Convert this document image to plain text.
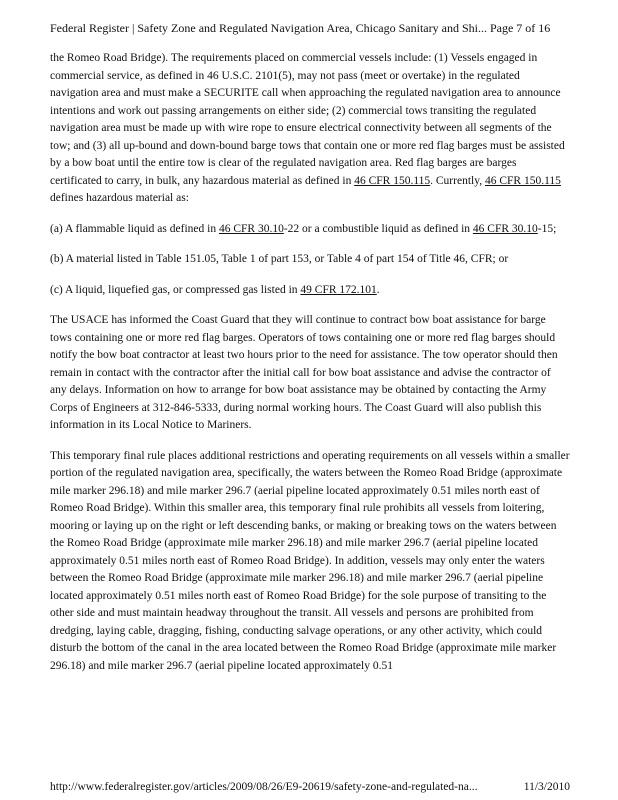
Federal Register | Safety Zone and Regulated Navigation Area, Chicago Sanitary and Shi... Page 7 of 16

the Romeo Road Bridge). The requirements placed on commercial vessels include: (1) Vessels engaged in commercial service, as defined in 46 U.S.C. 2101(5), may not pass (meet or overtake) in the regulated navigation area and must make a SECURITE call when approaching the regulated navigation area to announce intentions and work out passing arrangements on either side; (2) commercial tows transiting the regulated navigation area must be made up with wire rope to ensure electrical connectivity between all segments of the tow; and (3) all up-bound and down-bound barge tows that contain one or more red flag barges must be assisted by a bow boat until the entire tow is clear of the regulated navigation area. Red flag barges are barges certificated to carry, in bulk, any hazardous material as defined in 46 CFR 150.115. Currently, 46 CFR 150.115 defines hazardous material as:

(a) A flammable liquid as defined in 46 CFR 30.10-22 or a combustible liquid as defined in 46 CFR 30.10-15;

(b) A material listed in Table 151.05, Table 1 of part 153, or Table 4 of part 154 of Title 46, CFR; or

(c) A liquid, liquefied gas, or compressed gas listed in 49 CFR 172.101.

The USACE has informed the Coast Guard that they will continue to contract bow boat assistance for barge tows containing one or more red flag barges. Operators of tows containing one or more red flag barges should notify the bow boat contractor at least two hours prior to the need for assistance. The tow operator should then remain in contact with the contractor after the initial call for bow boat assistance and advise the contractor of any delays. Information on how to arrange for bow boat assistance may be obtained by contacting the Army Corps of Engineers at 312-846-5333, during normal working hours. The Coast Guard will also publish this information in its Local Notice to Mariners.

This temporary final rule places additional restrictions and operating requirements on all vessels within a smaller portion of the regulated navigation area, specifically, the waters between the Romeo Road Bridge (approximate mile marker 296.18) and mile marker 296.7 (aerial pipeline located approximately 0.51 miles north east of Romeo Road Bridge). Within this smaller area, this temporary final rule prohibits all vessels from loitering, mooring or laying up on the right or left descending banks, or making or breaking tows on the waters between the Romeo Road Bridge (approximate mile marker 296.18) and mile marker 296.7 (aerial pipeline located approximately 0.51 miles north east of Romeo Road Bridge). In addition, vessels may only enter the waters between the Romeo Road Bridge (approximate mile marker 296.18) and mile marker 296.7 (aerial pipeline located approximately 0.51 miles north east of Romeo Road Bridge) for the sole purpose of transiting to the other side and must maintain headway throughout the transit. All vessels and persons are prohibited from dredging, laying cable, dragging, fishing, conducting salvage operations, or any other activity, which could disturb the bottom of the canal in the area located between the Romeo Road Bridge (approximate mile marker 296.18) and mile marker 296.7 (aerial pipeline located approximately 0.51

http://www.federalregister.gov/articles/2009/08/26/E9-20619/safety-zone-and-regulated-na...	11/3/2010
